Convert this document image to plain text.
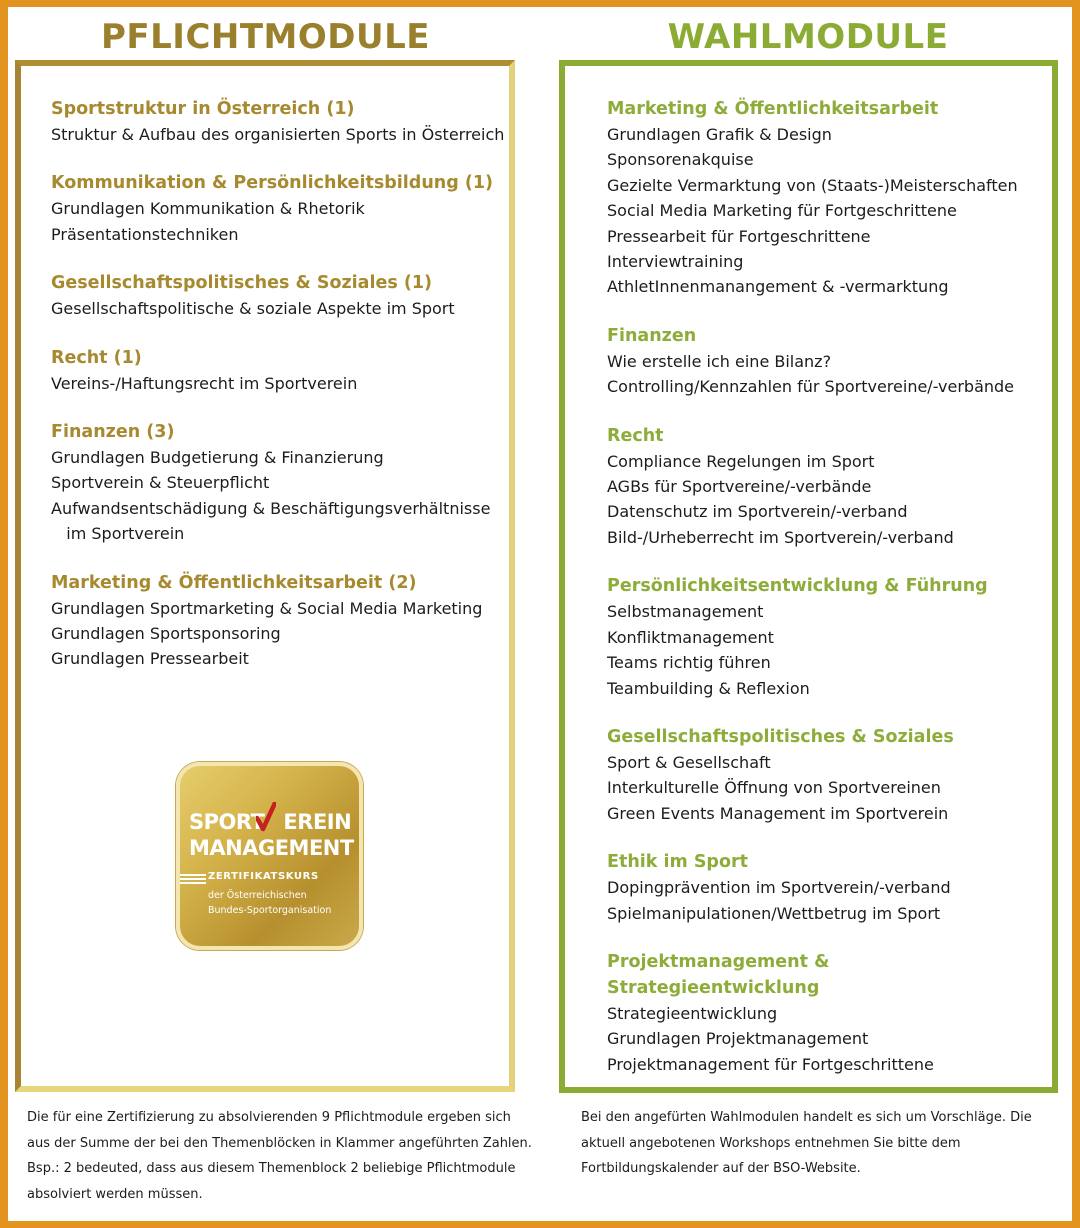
PFLICHTMODULE	WAHLMODULE
Sportstruktur in Österreich (1)
Struktur & Aufbau des organisierten Sports in Österreich
Kommunikation & Persönlichkeitsbildung (1)
Grundlagen Kommunikation & Rhetorik
Präsentationstechniken
Gesellschaftspolitisches & Soziales (1)
Gesellschaftspolitische & soziale Aspekte im Sport
Recht (1)
Vereins-/Haftungsrecht im Sportverein
Finanzen (3)
Grundlagen Budgetierung & Finanzierung
Sportverein & Steuerpflicht
Aufwandsentschädigung & Beschäftigungsverhältnisse
im Sportverein
Marketing & Öffentlichkeitsarbeit (2)
Grundlagen Sportmarketing & Social Media Marketing
Grundlagen Sportsponsoring
Grundlagen Pressearbeit
SPORT EREIN
MANAGEMENT
ZERTIFIKATSKURS
der Österreichischen
Bundes-Sportorganisation
Marketing & Öffentlichkeitsarbeit
Grundlagen Grafik & Design
Sponsorenakquise
Gezielte Vermarktung von (Staats-)Meisterschaften
Social Media Marketing für Fortgeschrittene
Pressearbeit für Fortgeschrittene
Interviewtraining
AthletInnenmanangement & -vermarktung
Finanzen
Wie erstelle ich eine Bilanz?
Controlling/Kennzahlen für Sportvereine/-verbände
Recht
Compliance Regelungen im Sport
AGBs für Sportvereine/-verbände
Datenschutz im Sportverein/-verband
Bild-/Urheberrecht im Sportverein/-verband
Persönlichkeitsentwicklung & Führung
Selbstmanagement
Konfliktmanagement
Teams richtig führen
Teambuilding & Reflexion
Gesellschaftspolitisches & Soziales
Sport & Gesellschaft
Interkulturelle Öffnung von Sportvereinen
Green Events Management im Sportverein
Ethik im Sport
Dopingprävention im Sportverein/-verband
Spielmanipulationen/Wettbetrug im Sport
Projektmanagement & Strategieentwicklung
Strategieentwicklung
Grundlagen Projektmanagement
Projektmanagement für Fortgeschrittene

Die für eine Zertifizierung zu absolvierenden 9 Pflichtmodule ergeben sich aus der Summe der bei den Themenblöcken in Klammer angeführten Zahlen. Bsp.: 2 bedeuted, dass aus diesem Themenblock 2 beliebige Pflichtmodule absolviert werden müssen.

Bei den angefürten Wahlmodulen handelt es sich um Vorschläge. Die aktuell angebotenen Workshops entnehmen Sie bitte dem Fortbildungskalender auf der BSO-Website.
